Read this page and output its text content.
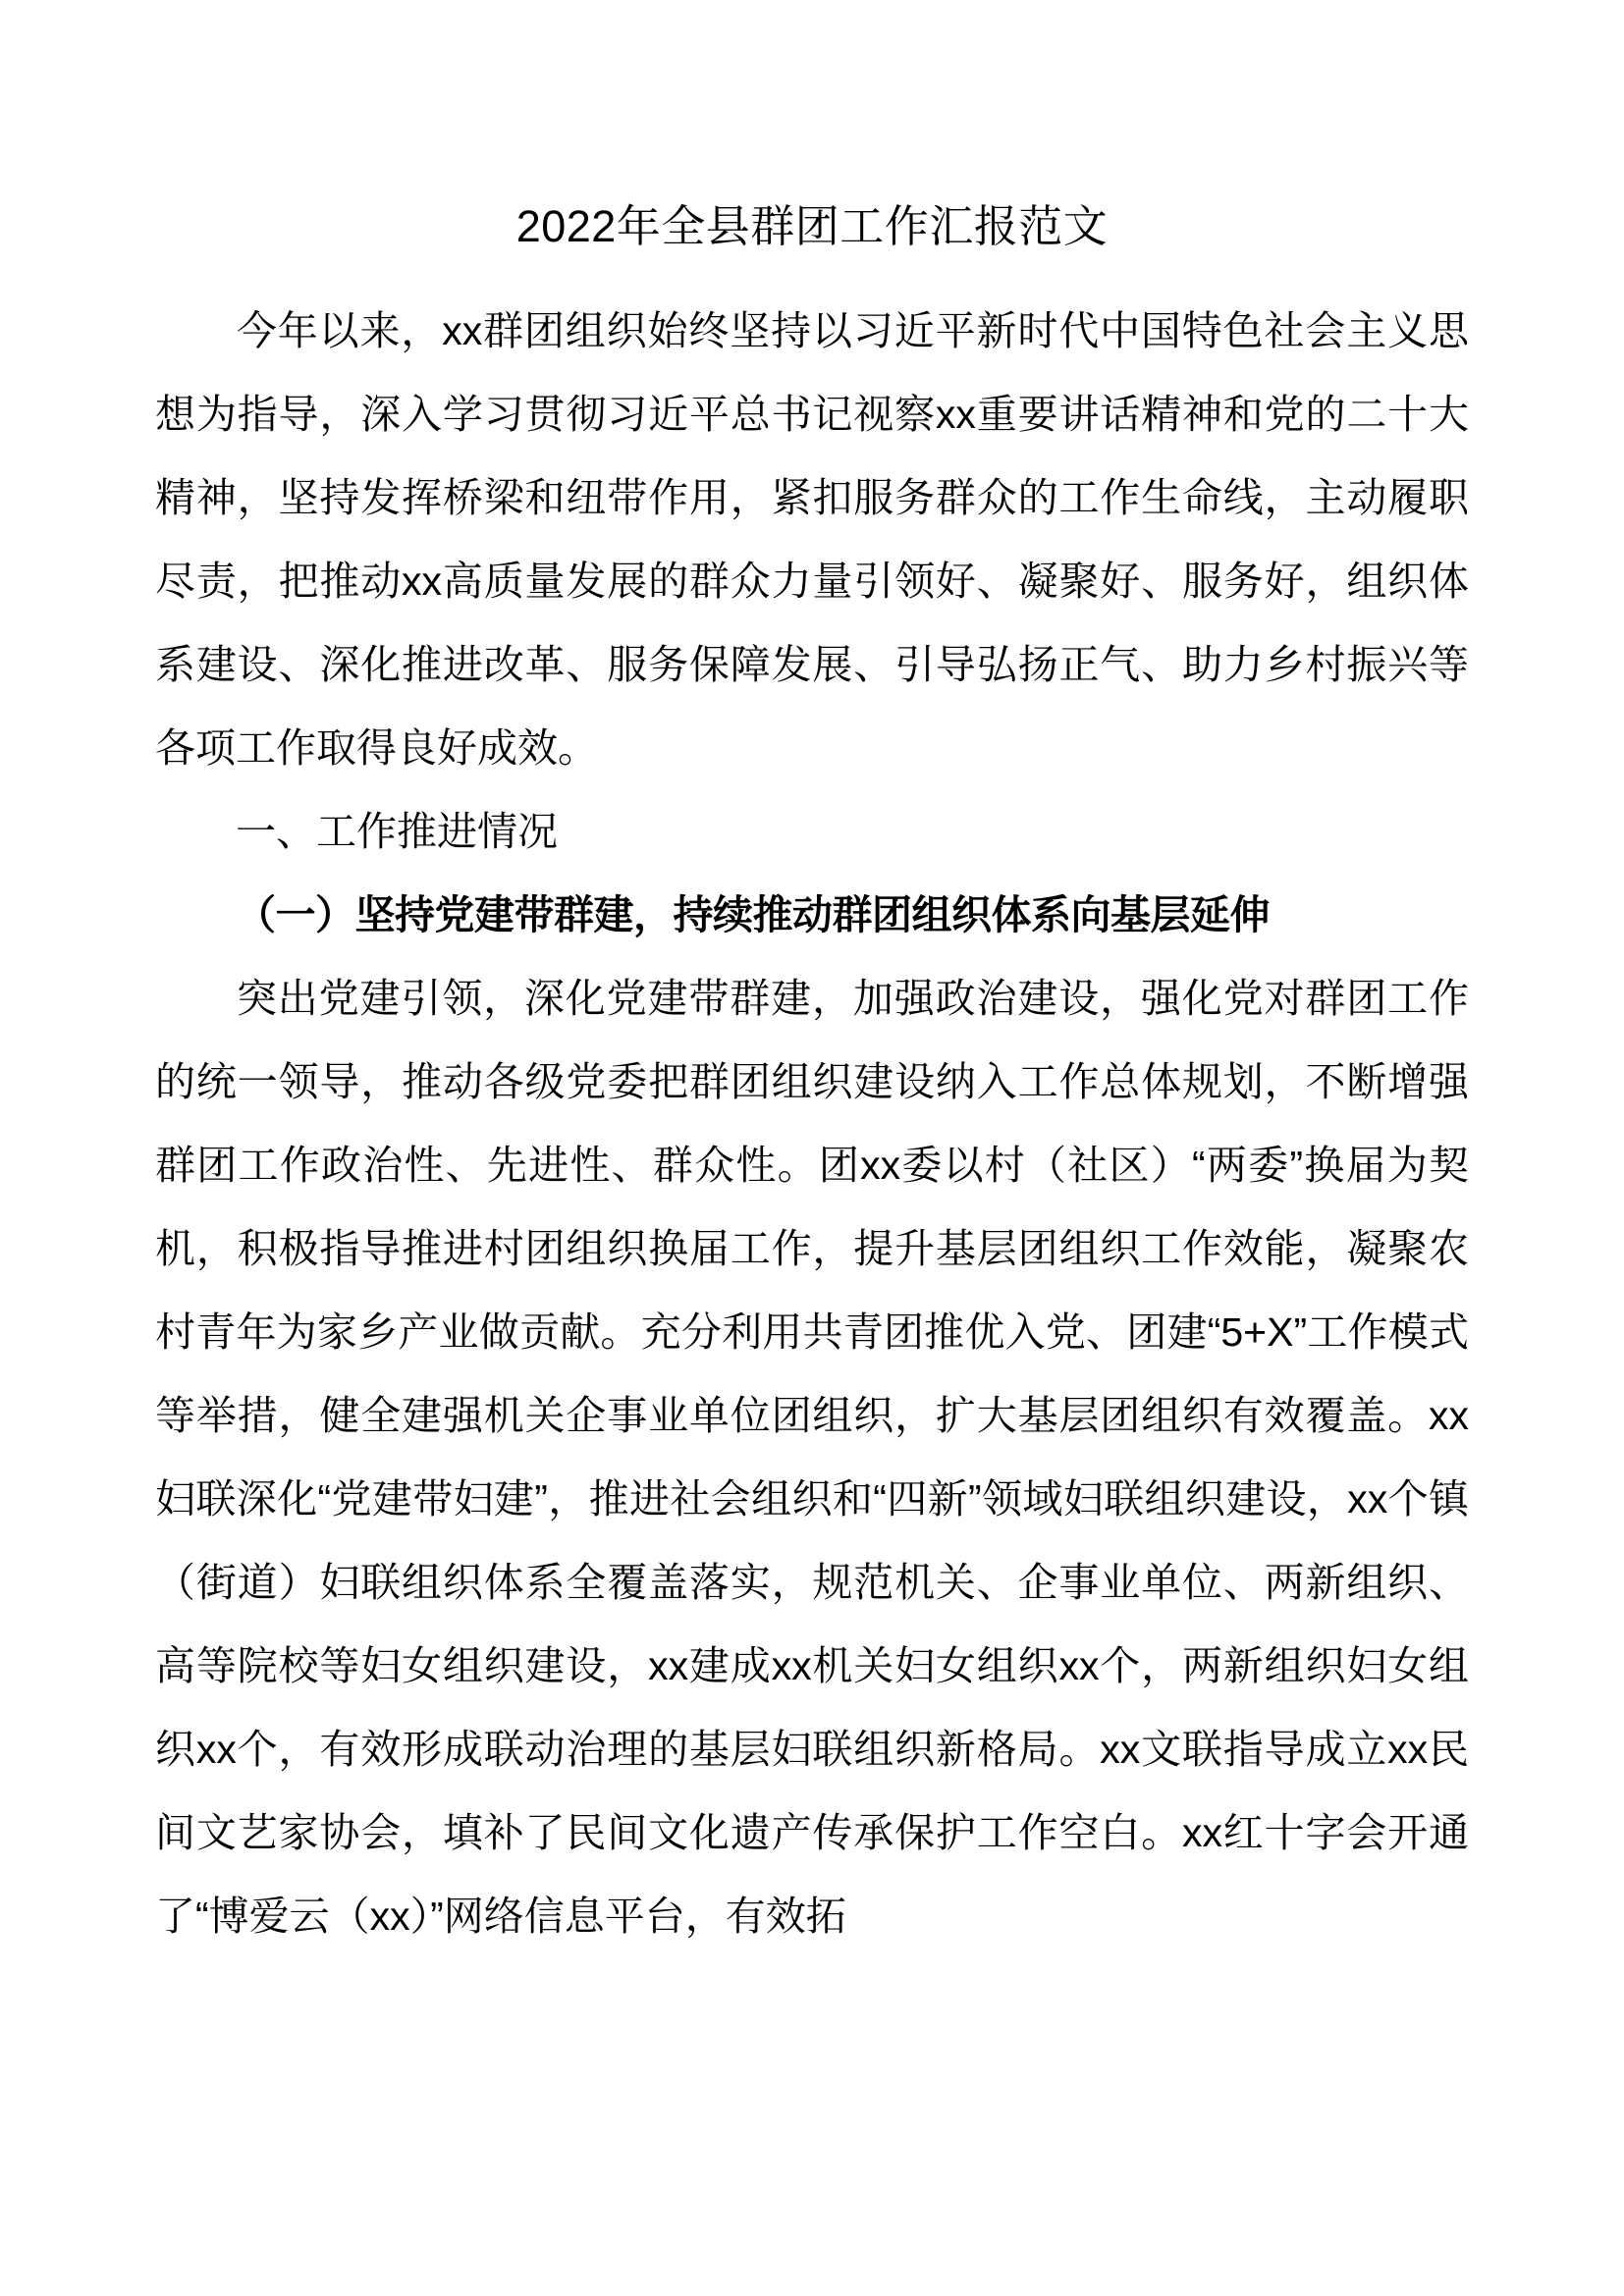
2022年全县群团工作汇报范文

今年以来，xx群团组织始终坚持以习近平新时代中国特色社会主义思想为指导，深入学习贯彻习近平总书记视察xx重要讲话精神和党的二十大精神，坚持发挥桥梁和纽带作用，紧扣服务群众的工作生命线，主动履职尽责，把推动xx高质量发展的群众力量引领好、凝聚好、服务好，组织体系建设、深化推进改革、服务保障发展、引导弘扬正气、助力乡村振兴等各项工作取得良好成效。

一、工作推进情况

（一）坚持党建带群建，持续推动群团组织体系向基层延伸

突出党建引领，深化党建带群建，加强政治建设，强化党对群团工作的统一领导，推动各级党委把群团组织建设纳入工作总体规划，不断增强群团工作政治性、先进性、群众性。团xx委以村（社区）“两委”换届为契机，积极指导推进村团组织换届工作，提升基层团组织工作效能，凝聚农村青年为家乡产业做贡献。充分利用共青团推优入党、团建“5+X”工作模式等举措，健全建强机关企事业单位团组织，扩大基层团组织有效覆盖。xx妇联深化“党建带妇建”，推进社会组织和“四新”领域妇联组织建设，xx个镇（街道）妇联组织体系全覆盖落实，规范机关、企事业单位、两新组织、高等院校等妇女组织建设，xx建成xx机关妇女组织xx个，两新组织妇女组织xx个，有效形成联动治理的基层妇联组织新格局。xx文联指导成立xx民间文艺家协会，填补了民间文化遗产传承保护工作空白。xx红十字会开通了“博爱云（xx）”网络信息平台，有效拓
